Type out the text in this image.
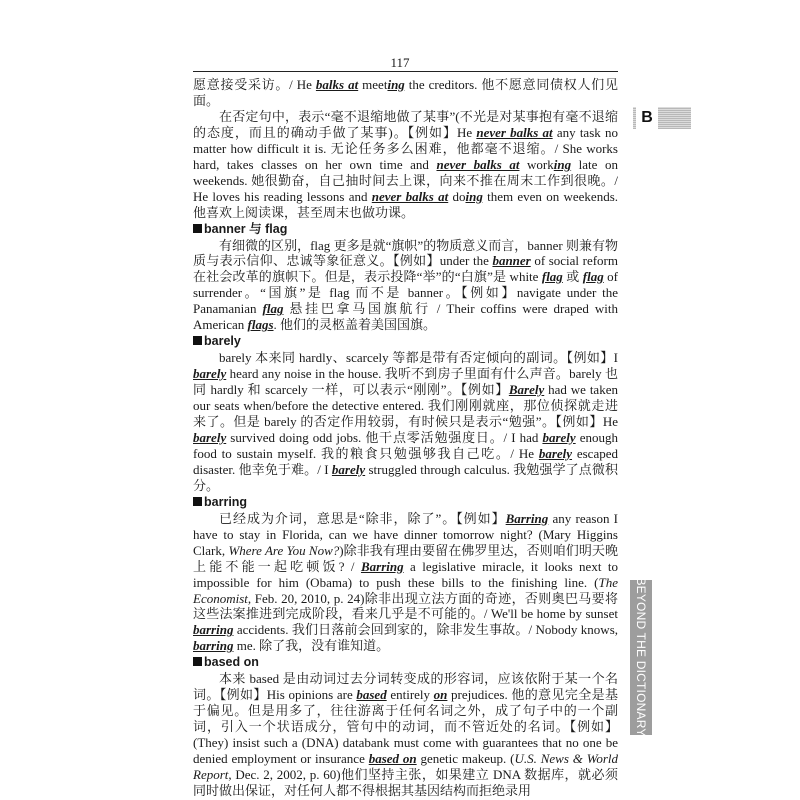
117
B
BEYOND THE DICTIONARY

愿意接受采访。/ He balks at meeting the creditors. 他不愿意同债权人们见面。

在否定句中，表示“毫不退缩地做了某事”(不光是对某事抱有毫不退缩的态度，而且的确动手做了某事)。【例如】He never balks at any task no matter how difficult it is. 无论任务多么困难，他都毫不退缩。/ She works hard, takes classes on her own time and never balks at working late on weekends. 她很勤奋，自己抽时间去上课，向来不推在周末工作到很晚。/ He loves his reading lessons and never balks at doing them even on weekends. 他喜欢上阅读课，甚至周末也做功课。

banner 与 flag

有细微的区别，flag 更多是就“旗帜”的物质意义而言，banner 则兼有物质与表示信仰、忠诚等象征意义。【例如】under the banner of social reform 在社会改革的旗帜下。但是，表示投降“举”的“白旗”是 white flag 或 flag of surrender。“国旗”是 flag 而不是 banner。【例如】navigate under the Panamanian flag 悬挂巴拿马国旗航行 / Their coffins were draped with American flags. 他们的灵柩盖着美国国旗。

barely

barely 本来同 hardly、scarcely 等都是带有否定倾向的副词。【例如】I barely heard any noise in the house. 我听不到房子里面有什么声音。barely 也同 hardly 和 scarcely 一样，可以表示“刚刚”。【例如】Barely had we taken our seats when/before the detective entered. 我们刚刚就座，那位侦探就走进来了。但是 barely 的否定作用较弱，有时候只是表示“勉强”。【例如】He barely survived doing odd jobs. 他干点零活勉强度日。/ I had barely enough food to sustain myself. 我的粮食只勉强够我自己吃。/ He barely escaped disaster. 他幸免于难。/ I barely struggled through calculus. 我勉强学了点微积分。

barring

已经成为介词，意思是“除非，除了”。【例如】Barring any reason I have to stay in Florida, can we have dinner tomorrow night? (Mary Higgins Clark, Where Are You Now?)除非我有理由要留在佛罗里达，否则咱们明天晚上能不能一起吃顿饭? / Barring a legislative miracle, it looks next to impossible for him (Obama) to push these bills to the finishing line. (The Economist, Feb. 20, 2010, p. 24)除非出现立法方面的奇迹，否则奥巴马要将这些法案推进到完成阶段，看来几乎是不可能的。/ We'll be home by sunset barring accidents. 我们日落前会回到家的，除非发生事故。/ Nobody knows, barring me. 除了我，没有谁知道。

based on

本来 based 是由动词过去分词转变成的形容词，应该依附于某一个名词。【例如】His opinions are based entirely on prejudices. 他的意见完全是基于偏见。但是用多了，往往游离于任何名词之外，成了句子中的一个副词，引入一个状语成分，管句中的动词，而不管近处的名词。【例如】(They) insist such a (DNA) databank must come with guarantees that no one be denied employment or insurance based on genetic makeup. (U.S. News & World Report, Dec. 2, 2002, p. 60)他们坚持主张，如果建立 DNA 数据库，就必须同时做出保证，对任何人都不得根据其基因结构而拒绝录用
